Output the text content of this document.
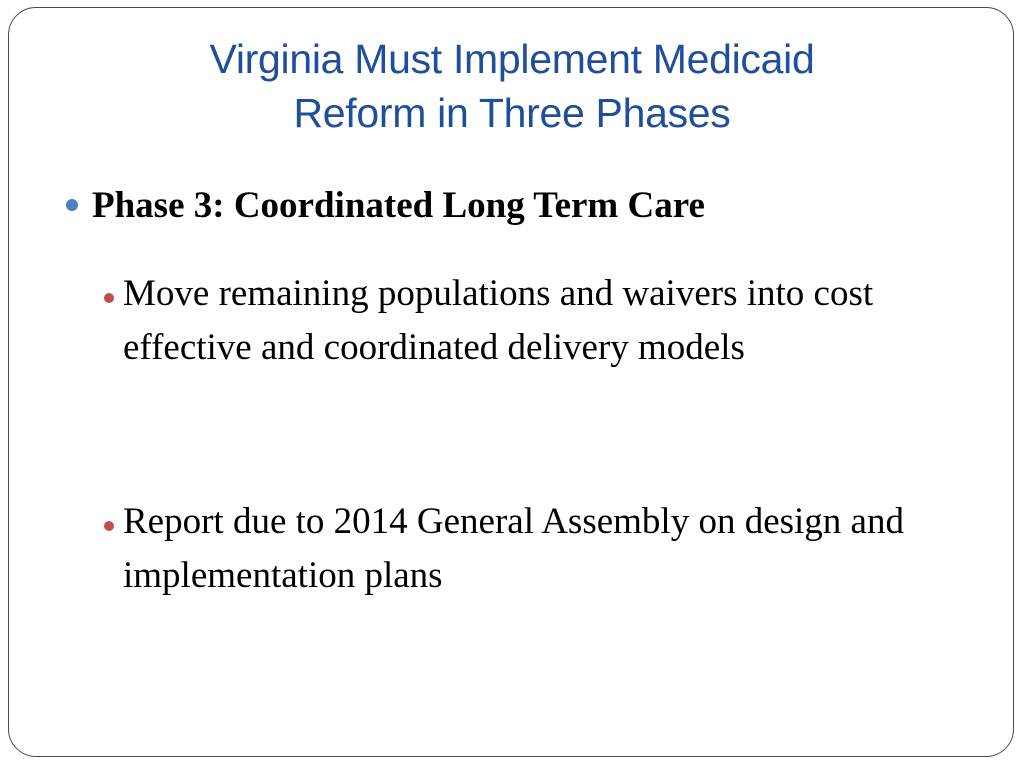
Virginia Must Implement Medicaid
Reform in Three Phases
Phase 3: Coordinated Long Term Care
Move remaining populations and waivers into cost effective and coordinated delivery models
Report due to 2014 General Assembly on design and implementation plans
